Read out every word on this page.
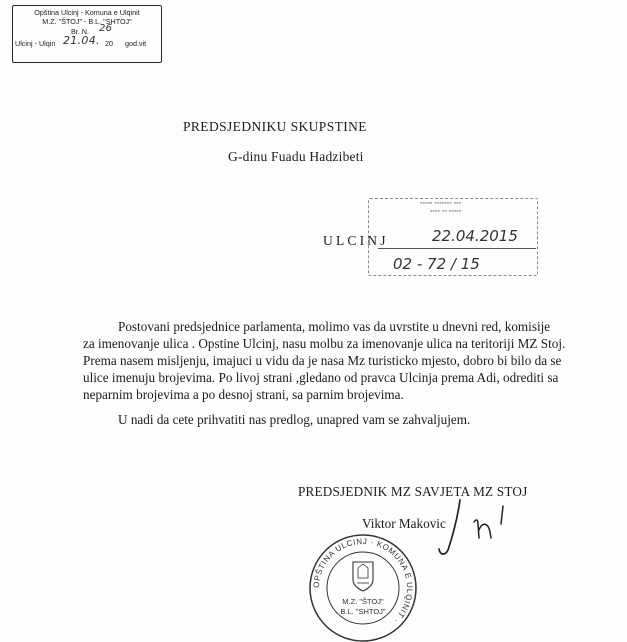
Opština Ulcinj - Komuna e Ulqinit
M.Z. "ŠTOJ" - B.L. "SHTOJ"
Br. N. 26
Ulcinj - Ulqin 21.04. 20 god.vit
PREDSJEDNIKU SKUPSTINE
G-dinu Fuadu Hadzibeti
▪▪▪▪▪ ▪▪▪▪▪▪▪ ▪▪▪
▪▪▪▪ ▪▪ ▪▪▪▪▪
ULCINJ	22.04.2015
02 - 72 / 15
Postovani predsjednice parlamenta, molimo vas da uvrstite u dnevni red, komisije
za imenovanje ulica . Opstine Ulcinj, nasu molbu za imenovanje ulica na teritoriji MZ Stoj.
Prema nasem misljenju, imajuci u vidu da je nasa Mz turisticko mjesto, dobro bi bilo da se
ulice imenuju brojevima. Po livoj strani ,gledano od pravca Ulcinja prema Adi, odrediti sa
neparnim brojevima a po desnoj strani, sa parnim brojevima.
U nadi da cete prihvatiti nas predlog, unapred vam se zahvaljujem.
PREDSJEDNIK MZ SAVJETA MZ STOJ
Viktor Makovic
OPŠTINA ULCINJ · KOMUNA E ULQINIT ·
M.Z. "ŠTOJ"
B.L. "SHTOJ"
